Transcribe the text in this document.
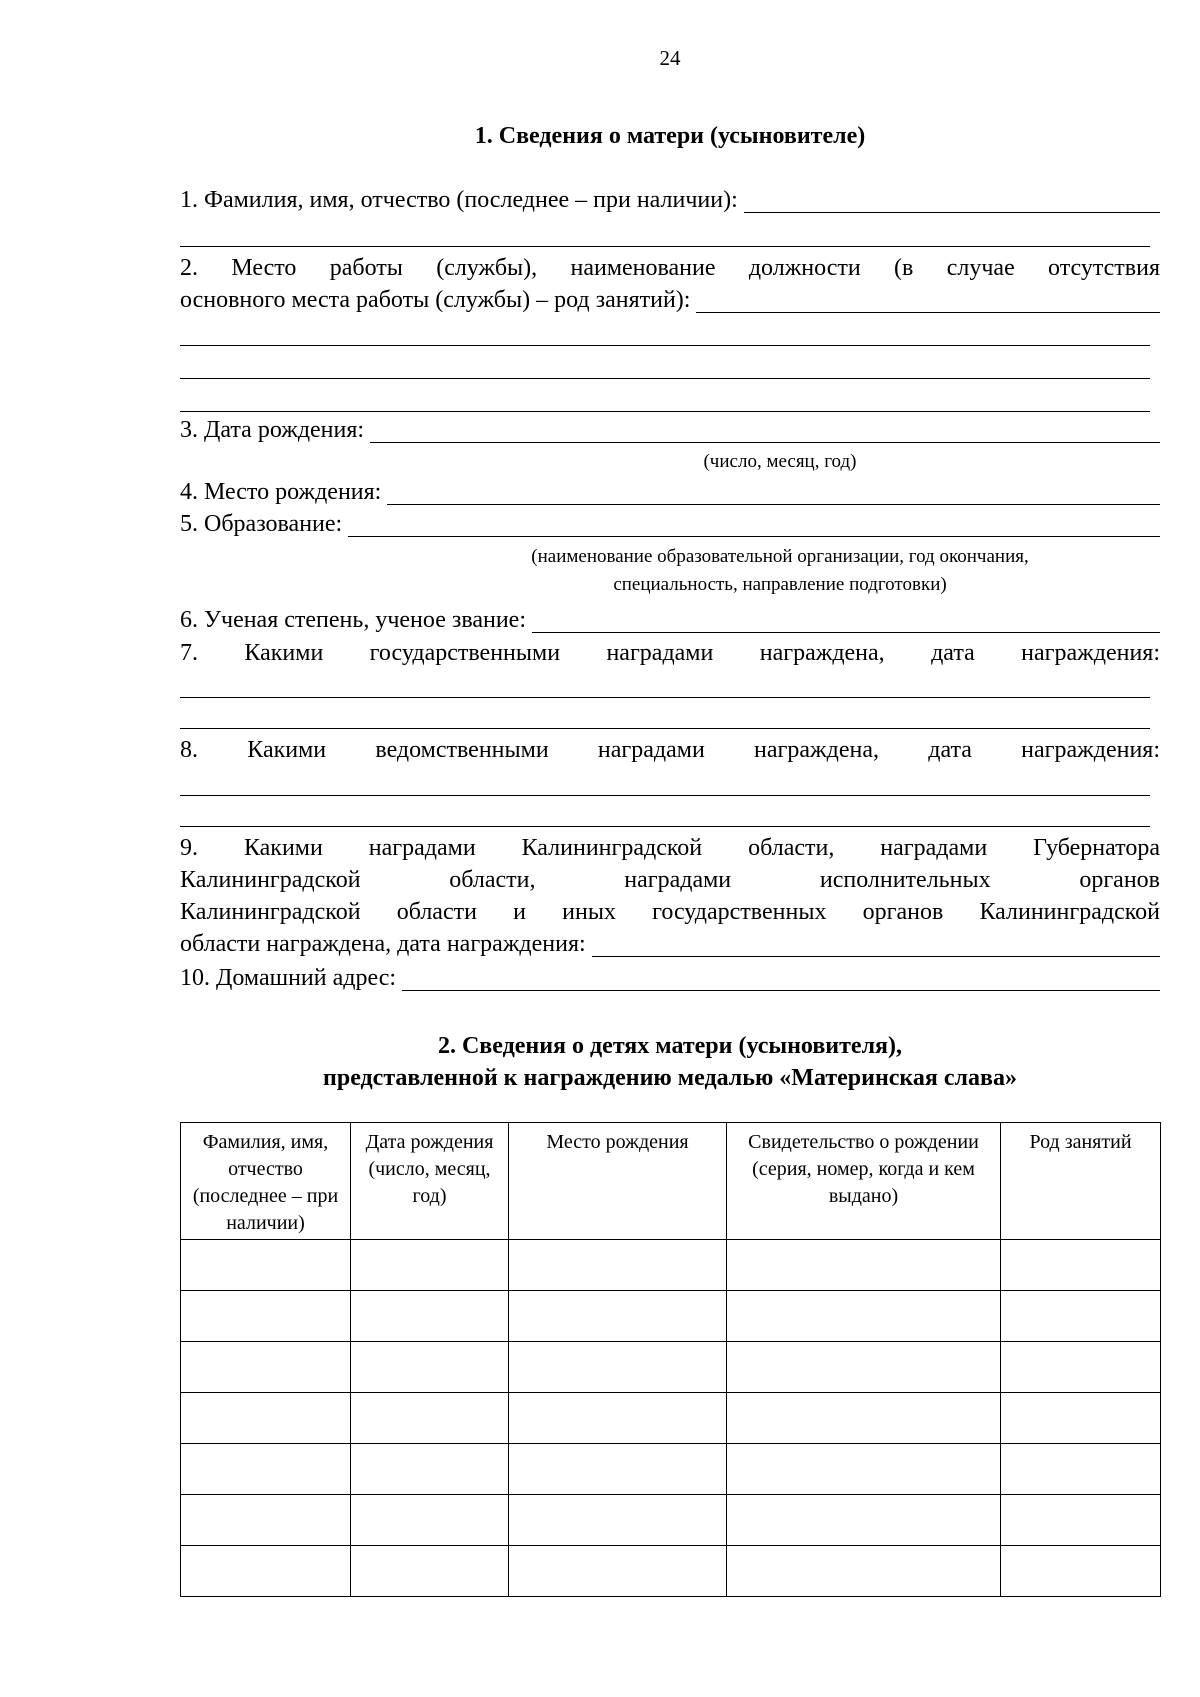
24
1. Сведения о матери (усыновителе)
1. Фамилия, имя, отчество (последнее – при наличии):
2. Место работы (службы), наименование должности (в случае отсутствия
основного места работы (службы) – род занятий):
3. Дата рождения:
(число, месяц, год)
4. Место рождения:
5. Образование:
(наименование образовательной организации, год окончания,
специальность, направление подготовки)
6. Ученая степень, ученое звание:
7. Какими государственными наградами награждена, дата награждения:
8. Какими ведомственными наградами награждена, дата награждения:
9. Какими наградами Калининградской области, наградами Губернатора
Калининградской области, наградами исполнительных органов
Калининградской области и иных государственных органов Калининградской
области награждена, дата награждения:
10. Домашний адрес:
2. Сведения о детях матери (усыновителя),
представленной к награждению медалью «Материнская слава»
Фамилия, имя, отчество (последнее – при наличии)	Дата рождения (число, месяц, год)	Место рождения	Свидетельство о рождении (серия, номер, когда и кем выдано)	Род занятий
